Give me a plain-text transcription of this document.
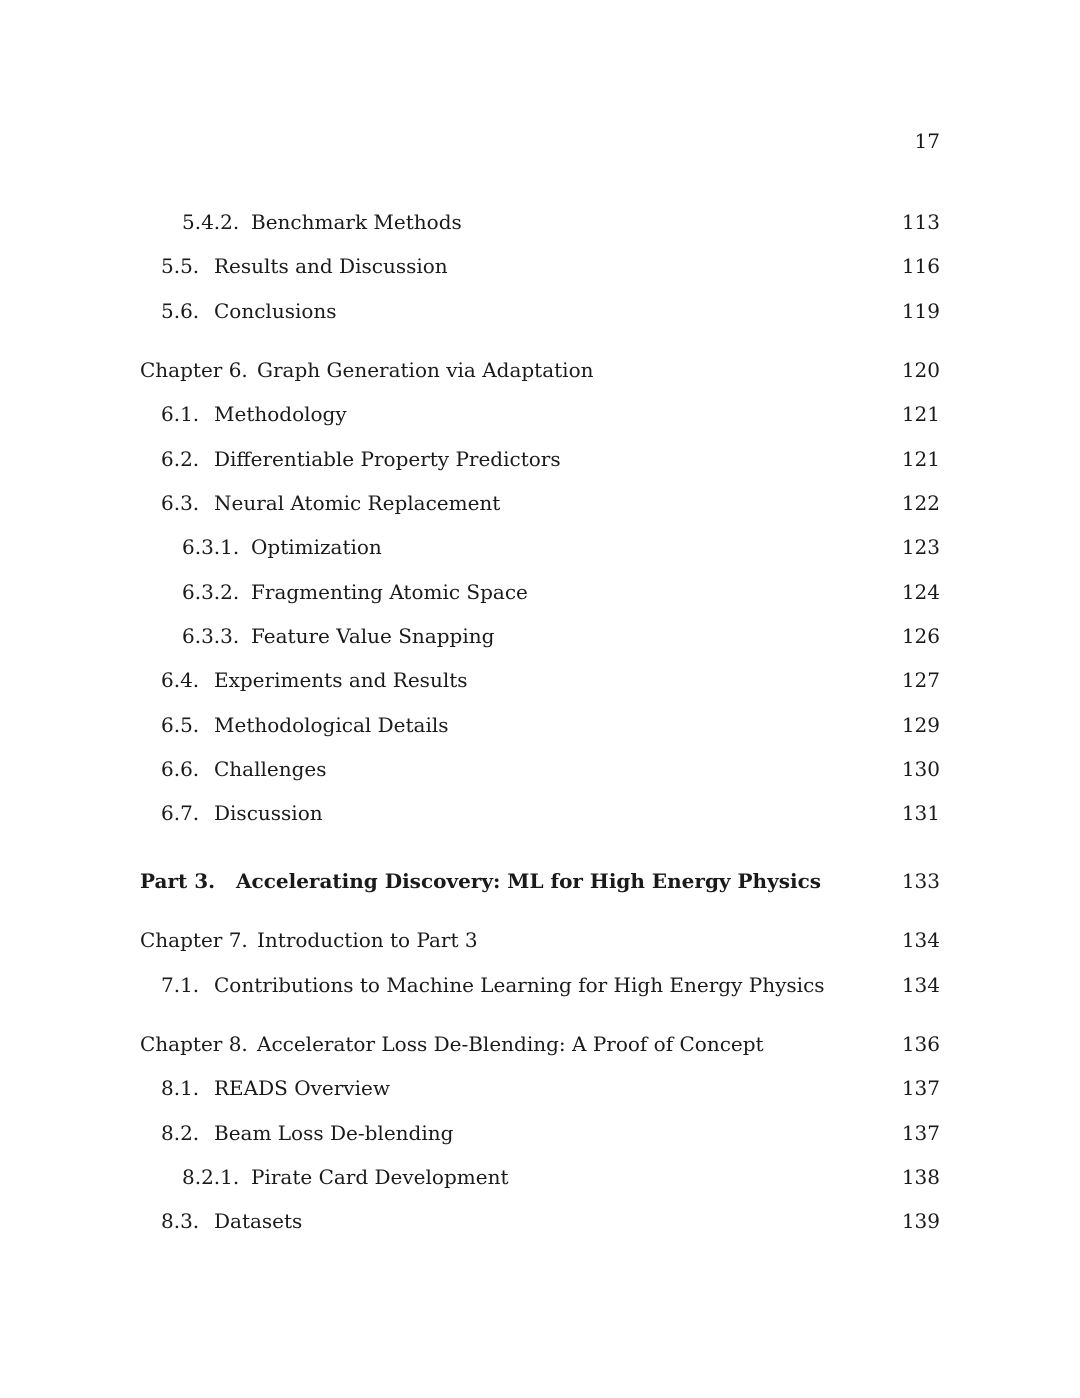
17
5.4.2. Benchmark Methods	113
5.5. Results and Discussion	116
5.6. Conclusions	119
Chapter 6. Graph Generation via Adaptation	120
6.1. Methodology	121
6.2. Differentiable Property Predictors	121
6.3. Neural Atomic Replacement	122
6.3.1. Optimization	123
6.3.2. Fragmenting Atomic Space	124
6.3.3. Feature Value Snapping	126
6.4. Experiments and Results	127
6.5. Methodological Details	129
6.6. Challenges	130
6.7. Discussion	131
Part 3. Accelerating Discovery: ML for High Energy Physics	133
Chapter 7. Introduction to Part 3	134
7.1. Contributions to Machine Learning for High Energy Physics	134
Chapter 8. Accelerator Loss De-Blending: A Proof of Concept	136
8.1. READS Overview	137
8.2. Beam Loss De-blending	137
8.2.1. Pirate Card Development	138
8.3. Datasets	139
